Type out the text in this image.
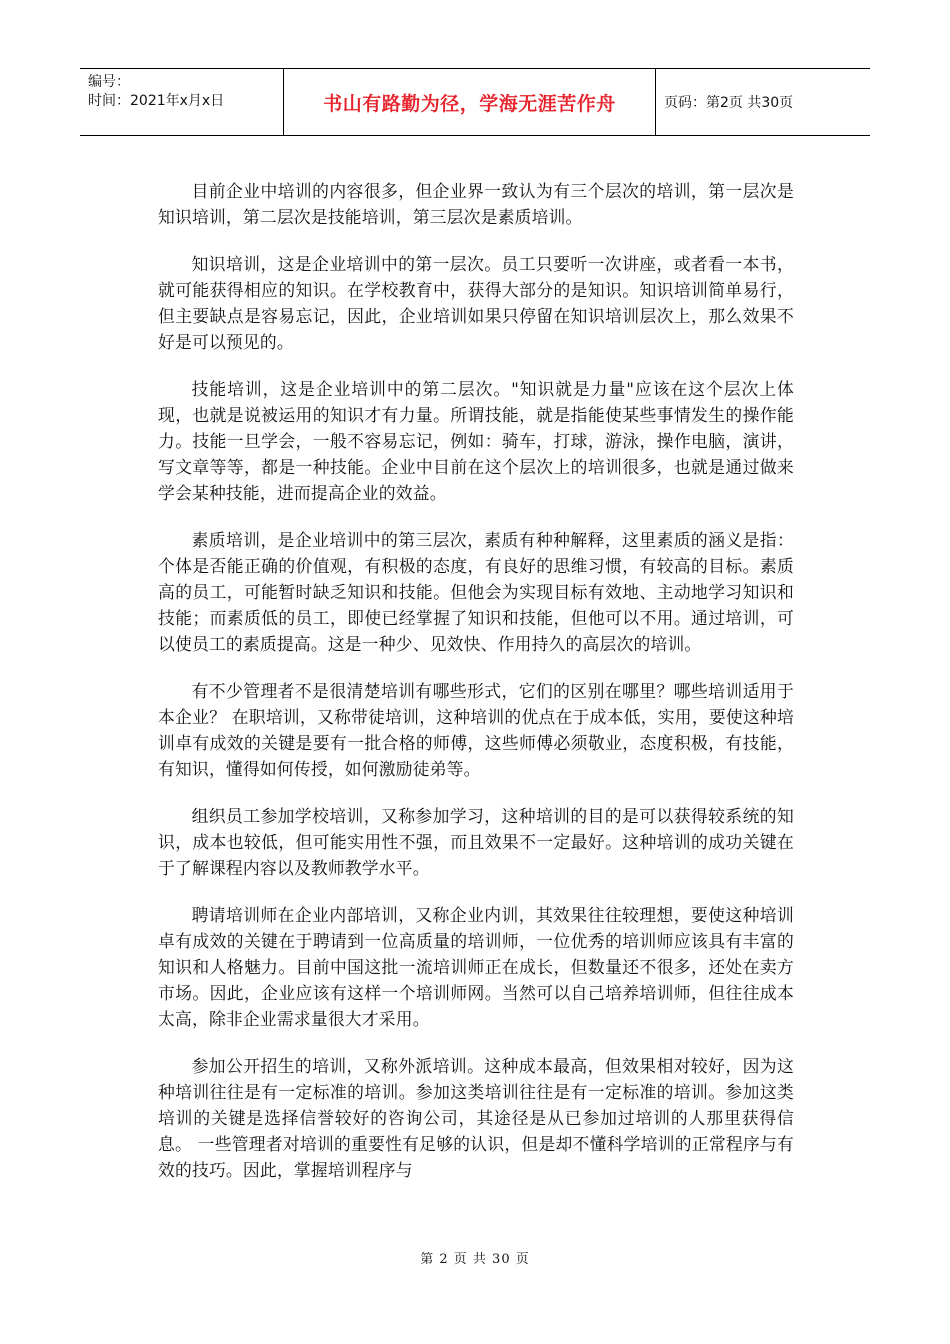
编号：
时间：2021年x月x日	书山有路勤为径，学海无涯苦作舟	页码：第2页 共30页

目前企业中培训的内容很多，但企业界一致认为有三个层次的培训，第一层次是知识培训，第二层次是技能培训，第三层次是素质培训。

知识培训，这是企业培训中的第一层次。员工只要听一次讲座，或者看一本书，就可能获得相应的知识。在学校教育中，获得大部分的是知识。知识培训简单易行，但主要缺点是容易忘记，因此，企业培训如果只停留在知识培训层次上，那么效果不好是可以预见的。

技能培训，这是企业培训中的第二层次。"知识就是力量"应该在这个层次上体现，也就是说被运用的知识才有力量。所谓技能，就是指能使某些事情发生的操作能力。技能一旦学会，一般不容易忘记，例如：骑车，打球，游泳，操作电脑，演讲，写文章等等，都是一种技能。企业中目前在这个层次上的培训很多，也就是通过做来学会某种技能，进而提高企业的效益。

素质培训，是企业培训中的第三层次，素质有种种解释，这里素质的涵义是指：个体是否能正确的价值观，有积极的态度，有良好的思维习惯，有较高的目标。素质高的员工，可能暂时缺乏知识和技能。但他会为实现目标有效地、主动地学习知识和技能；而素质低的员工，即使已经掌握了知识和技能，但他可以不用。通过培训，可以使员工的素质提高。这是一种少、见效快、作用持久的高层次的培训。

有不少管理者不是很清楚培训有哪些形式，它们的区别在哪里？哪些培训适用于本企业？ 在职培训，又称带徒培训，这种培训的优点在于成本低，实用，要使这种培训卓有成效的关键是要有一批合格的师傅，这些师傅必须敬业，态度积极，有技能，有知识，懂得如何传授，如何激励徒弟等。

组织员工参加学校培训，又称参加学习，这种培训的目的是可以获得较系统的知识，成本也较低，但可能实用性不强，而且效果不一定最好。这种培训的成功关键在于了解课程内容以及教师教学水平。

聘请培训师在企业内部培训，又称企业内训，其效果往往较理想，要使这种培训卓有成效的关键在于聘请到一位高质量的培训师，一位优秀的培训师应该具有丰富的知识和人格魅力。目前中国这批一流培训师正在成长，但数量还不很多，还处在卖方市场。因此，企业应该有这样一个培训师网。当然可以自己培养培训师，但往往成本太高，除非企业需求量很大才采用。

参加公开招生的培训，又称外派培训。这种成本最高，但效果相对较好，因为这种培训往往是有一定标准的培训。参加这类培训往往是有一定标准的培训。参加这类培训的关键是选择信誉较好的咨询公司，其途径是从已参加过培训的人那里获得信息。 一些管理者对培训的重要性有足够的认识，但是却不懂科学培训的正常程序与有效的技巧。因此，掌握培训程序与

第 2 页 共 30 页
